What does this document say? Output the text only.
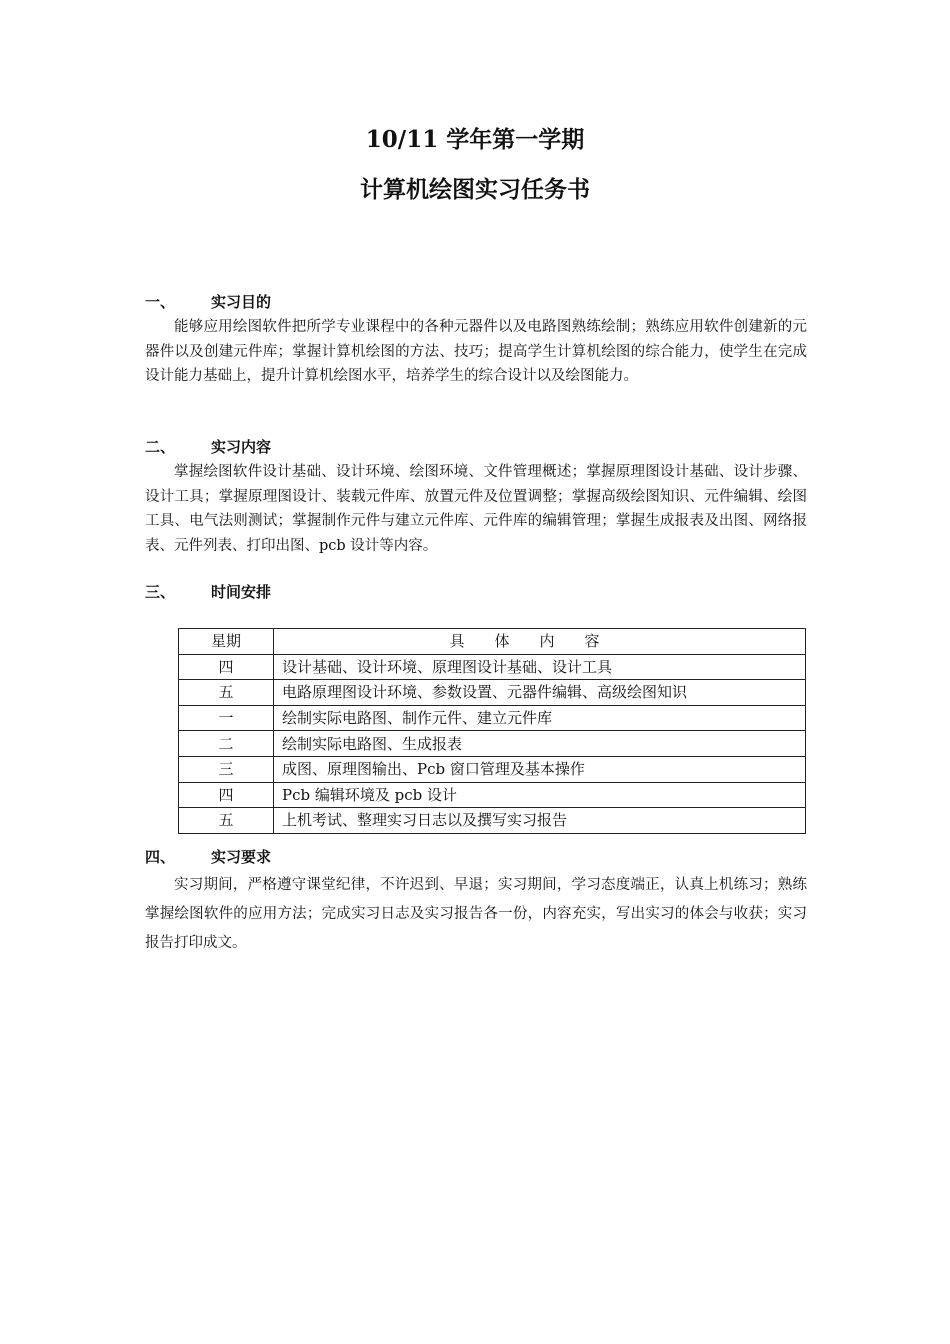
10/11 学年第一学期
计算机绘图实习任务书
一、 实习目的

能够应用绘图软件把所学专业课程中的各种元器件以及电路图熟练绘制；熟练应用软件创建新的元器件以及创建元件库；掌握计算机绘图的方法、技巧；提高学生计算机绘图的综合能力，使学生在完成设计能力基础上，提升计算机绘图水平，培养学生的综合设计以及绘图能力。

二、 实习内容

掌握绘图软件设计基础、设计环境、绘图环境、文件管理概述；掌握原理图设计基础、设计步骤、设计工具；掌握原理图设计、装载元件库、放置元件及位置调整；掌握高级绘图知识、元件编辑、绘图工具、电气法则测试；掌握制作元件与建立元件库、元件库的编辑管理；掌握生成报表及出图、网络报表、元件列表、打印出图、pcb 设计等内容。

三、 时间安排
星期	具体内容
四	设计基础、设计环境、原理图设计基础、设计工具
五	电路原理图设计环境、参数设置、元器件编辑、高级绘图知识
一	绘制实际电路图、制作元件、建立元件库
二	绘制实际电路图、生成报表
三	成图、原理图输出、Pcb 窗口管理及基本操作
四	Pcb 编辑环境及 pcb 设计
五	上机考试、整理实习日志以及撰写实习报告
四、 实习要求

实习期间，严格遵守课堂纪律，不许迟到、早退；实习期间，学习态度端正，认真上机练习；熟练掌握绘图软件的应用方法；完成实习日志及实习报告各一份，内容充实，写出实习的体会与收获；实习报告打印成文。
